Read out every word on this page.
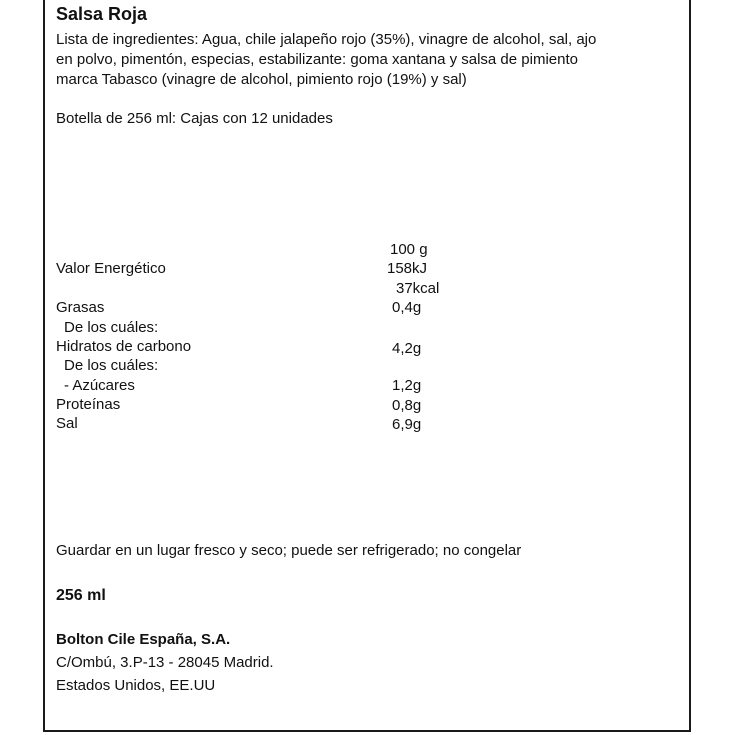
Salsa Roja
Lista de ingredientes: Agua, chile jalapeño rojo (35%), vinagre de alcohol, sal, ajo
en polvo, pimentón, especias, estabilizante: goma xantana y salsa de pimiento
marca Tabasco (vinagre de alcohol, pimiento rojo (19%) y sal)
Botella de 256 ml: Cajas con 12 unidades
100 g
Valor Energético	158kJ
37kcal
Grasas	0,4g
De los cuáles:
Hidratos de carbono	4,2g
De los cuáles:
- Azúcares	1,2g
Proteínas	0,8g
Sal	6,9g
Guardar en un lugar fresco y seco; puede ser refrigerado; no congelar
256 ml
Bolton Cile España, S.A.
C/Ombú, 3.P-13 - 28045 Madrid.
Estados Unidos, EE.UU
